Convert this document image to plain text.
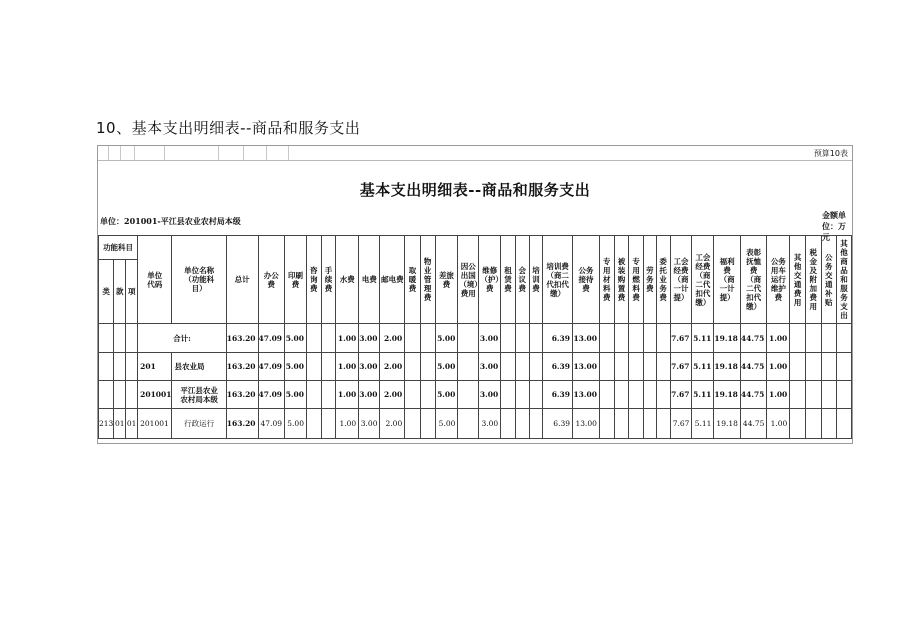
10、基本支出明细表--商品和服务支出
预算10表
基本支出明细表--商品和服务支出
单位：201001-平江县农业农村局本级
金额单位：万元
功能科目			单位代码	单位名称（功能科目）	总计	办公费	印刷费	咨询费	手续费	水费	电费	邮电费	取暖费	物业管理费	差旅费	因公出国（境）费用	维修（护）费	租赁费	会议费	培训费	培训费（商二代扣代缴）	公务接待费	专用材料费	被装购置费	专用燃料费	劳务费	委托业务费	工会经费（商一计提）	工会经费（商二代扣代缴）	福利费（商一计提）	表彰抚恤费（商二代扣代缴）	公务用车运行维护费	其他交通费用	税金及附加费用	公务交通补贴	其他商品和服务支出
类	款	项																																		
			合计:		163.20	47.09	5.00			1.00	3.00	2.00			5.00		3.00				6.39	13.00						7.67	5.11	19.18	44.75	1.00				
			201	县农业局	163.20	47.09	5.00			1.00	3.00	2.00			5.00		3.00				6.39	13.00						7.67	5.11	19.18	44.75	1.00				
			201001	平江县农业农村局本级	163.20	47.09	5.00			1.00	3.00	2.00			5.00		3.00				6.39	13.00						7.67	5.11	19.18	44.75	1.00				
213	01	01	201001	行政运行	163.20	47.09	5.00			1.00	3.00	2.00			5.00		3.00				6.39	13.00						7.67	5.11	19.18	44.75	1.00				
